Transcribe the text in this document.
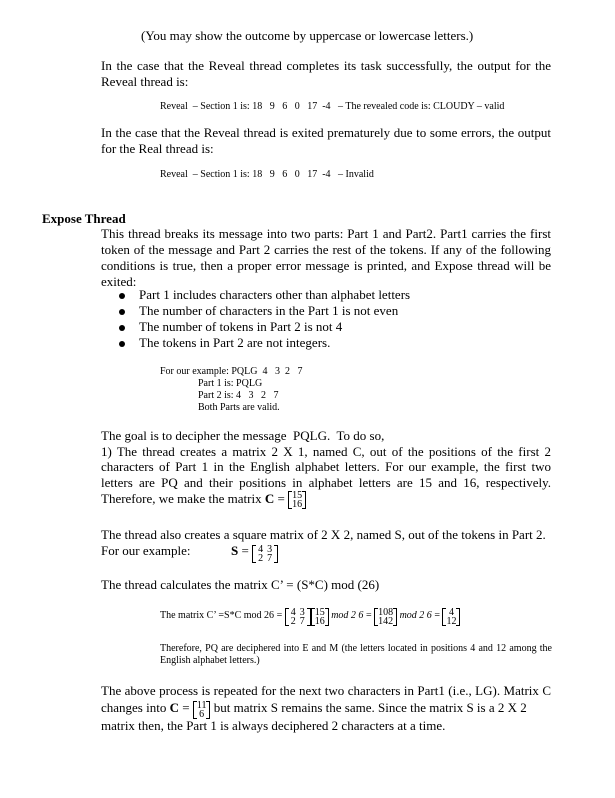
(You may show the outcome by uppercase or lowercase letters.)
In the case that the Reveal thread completes its task successfully, the output for the Reveal thread is:
Reveal  – Section 1 is: 18   9   6   0   17  -4   – The revealed code is: CLOUDY – valid
In the case that the Reveal thread is exited prematurely due to some errors, the output for the Real thread is:
Reveal  – Section 1 is: 18   9   6   0   17  -4   – Invalid
Expose Thread
This thread breaks its message into two parts: Part 1 and Part2. Part1 carries the first token of the message and Part 2 carries the rest of the tokens. If any of the following conditions is true, then a proper error message is printed, and Expose thread will be exited:
Part 1 includes characters other than alphabet letters
The number of characters in the Part 1 is not even
The number of tokens in Part 2 is not 4
The tokens in Part 2 are not integers.
For our example: PQLG  4   3  2   7
Part 1 is: PQLG
Part 2 is: 4   3   2   7
Both Parts are valid.
The goal is to decipher the message  PQLG.  To do so,
1) The thread creates a matrix 2 X 1, named C, out of the positions of the first 2
characters of Part 1 in the English alphabet letters. For our example, the first two
letters are PQ and their positions in alphabet letters are 15 and 16, respectively.
Therefore, we make the matrix C = 15
16
The thread also creates a square matrix of 2 X 2, named S, out of the tokens in Part 2.
For our example:	S = 4 3
2 7
The thread calculates the matrix C’ = (S*C) mod (26)
The matrix C’ =S*C mod 26 = 4 3
2 7
15
16
mod 2 6 = 108
142
mod 2 6 = 4
12
Therefore, PQ are deciphered into E and M (the letters located in positions 4 and 12 among the English alphabet letters.)
The above process is repeated for the next two characters in Part1 (i.e., LG). Matrix C
changes into C = 11
6 but matrix S remains the same. Since the matrix S is a 2 X 2
matrix then, the Part 1 is always deciphered 2 characters at a time.
